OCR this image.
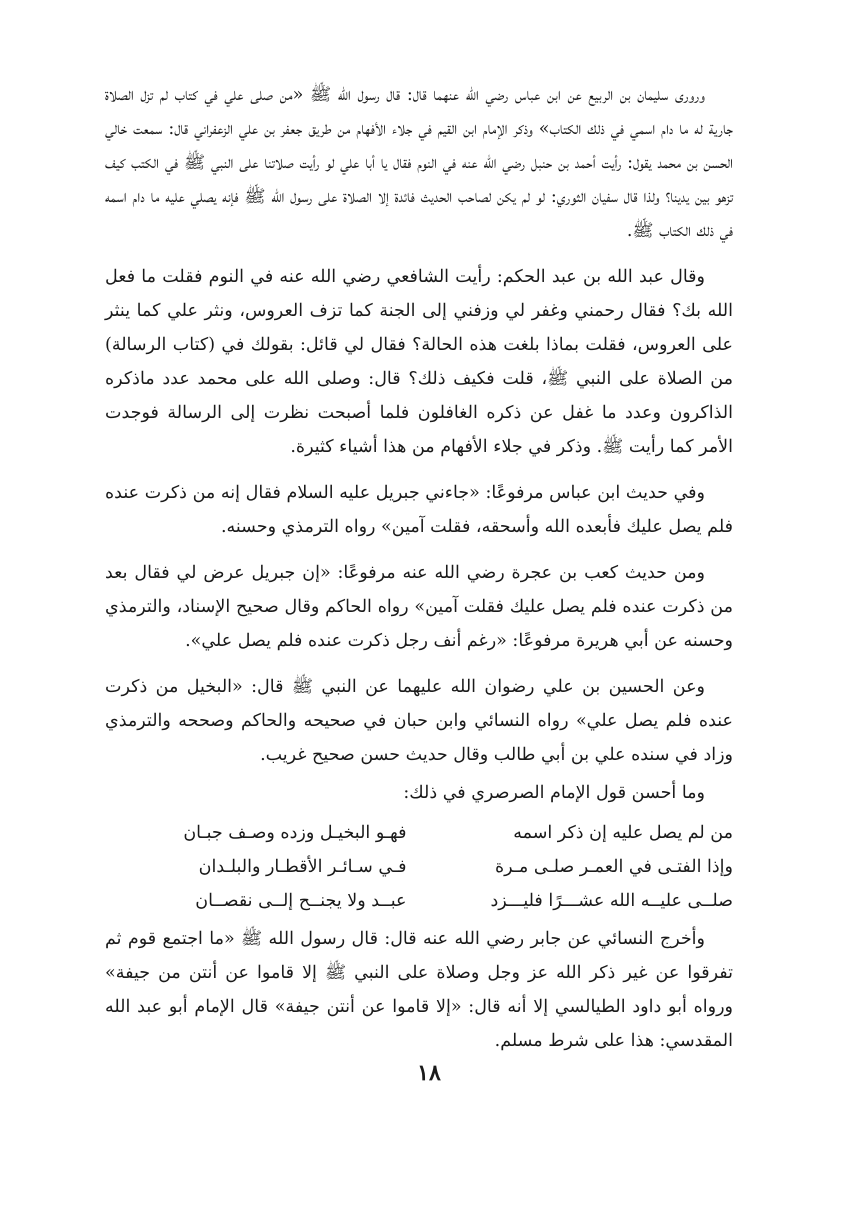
ورورى سليمان بن الربيع عن ابن عباس رضي الله عنهما قال: قال رسول الله ﷺ «من صلى علي في كتاب لم تزل الصلاة جارية له ما دام اسمي في ذلك الكتاب» وذكر الإمام ابن القيم في جلاء الأفهام من طريق جعفر بن علي الزعفراني قال: سمعت خالي الحسن بن محمد يقول: رأيت أحمد بن حنبل رضي الله عنه في النوم فقال يا أبا علي لو رأيت صلاتنا على النبي ﷺ في الكتب كيف تزهو بين يدينا؟ ولذا قال سفيان الثوري: لو لم يكن لصاحب الحديث فائدة إلا الصلاة على رسول الله ﷺ فإنه يصلي عليه ما دام اسمه في ذلك الكتاب ﷺ.

وقال عبد الله بن عبد الحكم: رأيت الشافعي رضي الله عنه في النوم فقلت ما فعل الله بك؟ فقال رحمني وغفر لي وزفني إلى الجنة كما تزف العروس، ونثر علي كما ينثر على العروس، فقلت بماذا بلغت هذه الحالة؟ فقال لي قائل: بقولك في (كتاب الرسالة) من الصلاة على النبي ﷺ، قلت فكيف ذلك؟ قال: وصلى الله على محمد عدد ماذكره الذاكرون وعدد ما غفل عن ذكره الغافلون فلما أصبحت نظرت إلى الرسالة فوجدت الأمر كما رأيت ﷺ. وذكر في جلاء الأفهام من هذا أشياء كثيرة.

وفي حديث ابن عباس مرفوعًا: «جاءني جبريل عليه السلام فقال إنه من ذكرت عنده فلم يصل عليك فأبعده الله وأسحقه، فقلت آمين» رواه الترمذي وحسنه.

ومن حديث كعب بن عجرة رضي الله عنه مرفوعًا: «إن جبريل عرض لي فقال بعد من ذكرت عنده فلم يصل عليك فقلت آمين» رواه الحاكم وقال صحيح الإسناد، والترمذي وحسنه عن أبي هريرة مرفوعًا: «رغم أنف رجل ذكرت عنده فلم يصل علي».

وعن الحسين بن علي رضوان الله عليهما عن النبي ﷺ قال: «البخيل من ذكرت عنده فلم يصل علي» رواه النسائي وابن حبان في صحيحه والحاكم وصححه والترمذي وزاد في سنده علي بن أبي طالب وقال حديث حسن صحيح غريب.

وما أحسن قول الإمام الصرصري في ذلك:

من لم يصل عليه إن ذكر اسمه
فهـو البخيـل وزده وصـف جبـان
وإذا الفتـى في العمـر صلـى مـرة
فـي سـائـر الأقطـار والبلـدان
صلــى عليــه الله عشـــرًا فليـــزد
عبــد ولا يجنــح إلــى نقصــان

وأخرج النسائي عن جابر رضي الله عنه قال: قال رسول الله ﷺ «ما اجتمع قوم ثم تفرقوا عن غير ذكر الله عز وجل وصلاة على النبي ﷺ إلا قاموا عن أنتن من جيفة» ورواه أبو داود الطيالسي إلا أنه قال: «إلا قاموا عن أنتن جيفة» قال الإمام أبو عبد الله المقدسي: هذا على شرط مسلم.

١٨
